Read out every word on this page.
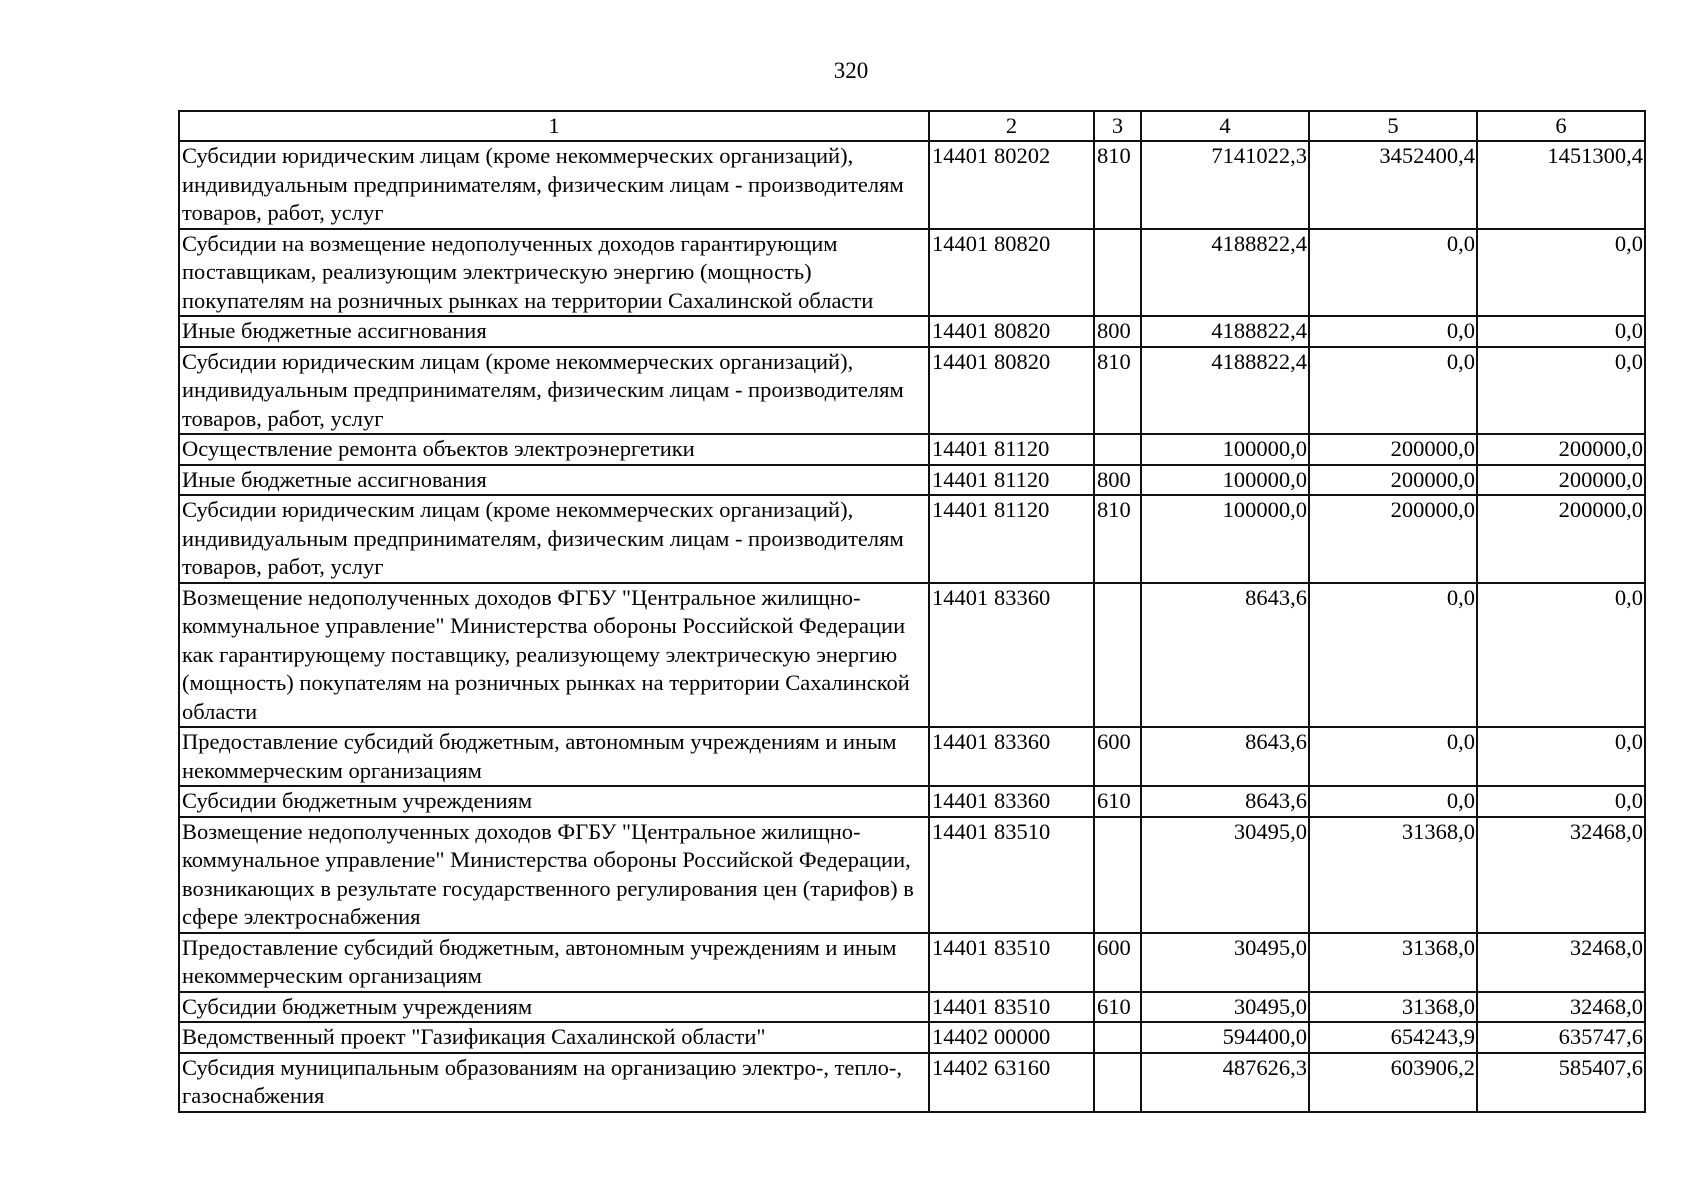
320
1	2	3	4	5	6
Субсидии юридическим лицам (кроме некоммерческих организаций), индивидуальным предпринимателям, физическим лицам - производителям товаров, работ, услуг	14401 80202	810	7141022,3	3452400,4	1451300,4
Субсидии на возмещение недополученных доходов гарантирующим поставщикам, реализующим электрическую энергию (мощность) покупателям на розничных рынках на территории Сахалинской области	14401 80820		4188822,4	0,0	0,0
Иные бюджетные ассигнования	14401 80820	800	4188822,4	0,0	0,0
Субсидии юридическим лицам (кроме некоммерческих организаций), индивидуальным предпринимателям, физическим лицам - производителям товаров, работ, услуг	14401 80820	810	4188822,4	0,0	0,0
Осуществление ремонта объектов электроэнергетики	14401 81120		100000,0	200000,0	200000,0
Иные бюджетные ассигнования	14401 81120	800	100000,0	200000,0	200000,0
Субсидии юридическим лицам (кроме некоммерческих организаций), индивидуальным предпринимателям, физическим лицам - производителям товаров, работ, услуг	14401 81120	810	100000,0	200000,0	200000,0
Возмещение недополученных доходов ФГБУ "Центральное жилищно-коммунальное управление" Министерства обороны Российской Федерации как гарантирующему поставщику, реализующему электрическую энергию (мощность) покупателям на розничных рынках на территории Сахалинской области	14401 83360		8643,6	0,0	0,0
Предоставление субсидий бюджетным, автономным учреждениям и иным некоммерческим организациям	14401 83360	600	8643,6	0,0	0,0
Субсидии бюджетным учреждениям	14401 83360	610	8643,6	0,0	0,0
Возмещение недополученных доходов ФГБУ "Центральное жилищно-коммунальное управление" Министерства обороны Российской Федерации, возникающих в результате государственного регулирования цен (тарифов) в сфере электроснабжения	14401 83510		30495,0	31368,0	32468,0
Предоставление субсидий бюджетным, автономным учреждениям и иным некоммерческим организациям	14401 83510	600	30495,0	31368,0	32468,0
Субсидии бюджетным учреждениям	14401 83510	610	30495,0	31368,0	32468,0
Ведомственный проект "Газификация Сахалинской области"	14402 00000		594400,0	654243,9	635747,6
Субсидия муниципальным образованиям на организацию электро-, тепло-, газоснабжения	14402 63160		487626,3	603906,2	585407,6
